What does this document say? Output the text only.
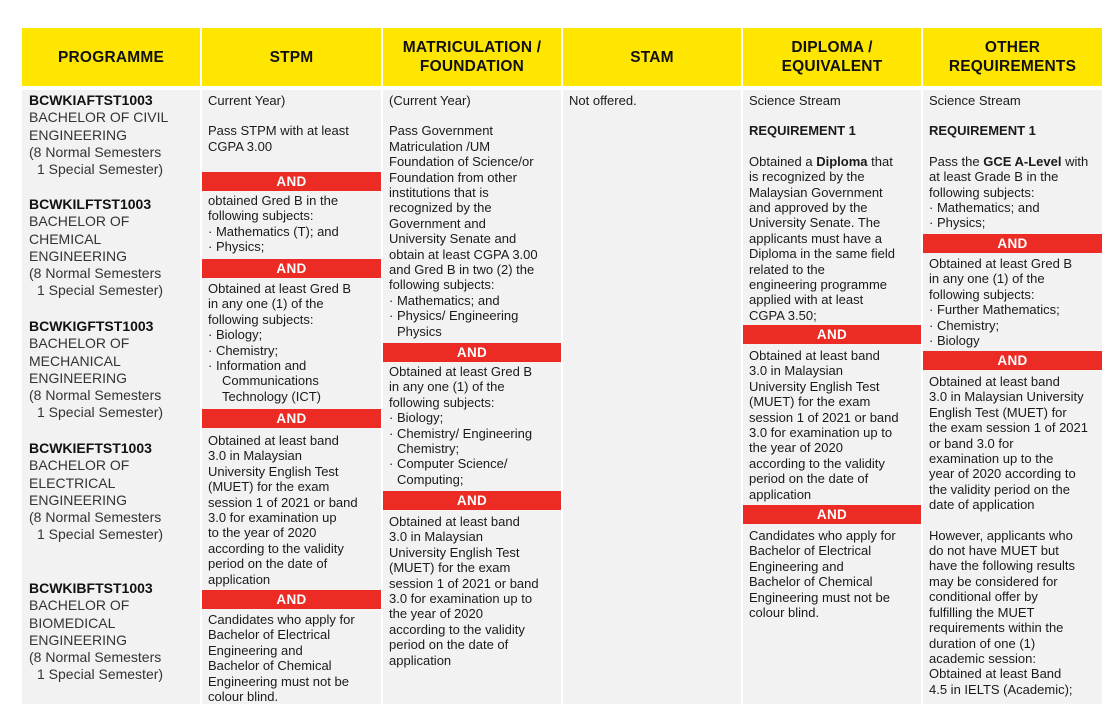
PROGRAMME
BCWKIAFTST1003
BACHELOR OF CIVIL
ENGINEERING
(8 Normal Semesters
1 Special Semester)
BCWKILFTST1003
BACHELOR OF
CHEMICAL
ENGINEERING
(8 Normal Semesters
1 Special Semester)
BCWKIGFTST1003
BACHELOR OF
MECHANICAL
ENGINEERING
(8 Normal Semesters
1 Special Semester)
BCWKIEFTST1003
BACHELOR OF
ELECTRICAL
ENGINEERING
(8 Normal Semesters
1 Special Semester)
BCWKIBFTST1003
BACHELOR OF
BIOMEDICAL
ENGINEERING
(8 Normal Semesters
1 Special Semester)
STPM

Current Year)

Pass STPM with at least

CGPA 3.00

AND

obtained Gred B in the

following subjects:

· Mathematics (T); and

· Physics;

AND

Obtained at least Gred B

in any one (1) of the

following subjects:

· Biology;

· Chemistry;

· Information and

Communications

Technology (ICT)

AND

Obtained at least band

3.0 in Malaysian

University English Test

(MUET) for the exam

session 1 of 2021 or band

3.0 for examination up

to the year of 2020

according to the validity

period on the date of

application

AND

Candidates who apply for

Bachelor of Electrical

Engineering and

Bachelor of Chemical

Engineering must not be

colour blind.

MATRICULATION /
FOUNDATION

(Current Year)

Pass Government

Matriculation /UM

Foundation of Science/or

Foundation from other

institutions that is

recognized by the

Government and

University Senate and

obtain at least CGPA 3.00

and Gred B in two (2) the

following subjects:

· Mathematics; and

· Physics/ Engineering

Physics

AND

Obtained at least Gred B

in any one (1) of the

following subjects:

· Biology;

· Chemistry/ Engineering

Chemistry;

· Computer Science/

Computing;

AND

Obtained at least band

3.0 in Malaysian

University English Test

(MUET) for the exam

session 1 of 2021 or band

3.0 for examination up to

the year of 2020

according to the validity

period on the date of

application

STAM

Not offered.

DIPLOMA /
EQUIVALENT

Science Stream

REQUIREMENT 1

Obtained a Diploma that

is recognized by the

Malaysian Government

and approved by the

University Senate. The

applicants must have a

Diploma in the same field

related to the

engineering programme

applied with at least

CGPA 3.50;

AND

Obtained at least band

3.0 in Malaysian

University English Test

(MUET) for the exam

session 1 of 2021 or band

3.0 for examination up to

the year of 2020

according to the validity

period on the date of

application

AND

Candidates who apply for

Bachelor of Electrical

Engineering and

Bachelor of Chemical

Engineering must not be

colour blind.

OTHER
REQUIREMENTS

Science Stream

REQUIREMENT 1

Pass the GCE A-Level with

at least Grade B in the

following subjects:

· Mathematics; and

· Physics;

AND

Obtained at least Gred B

in any one (1) of the

following subjects:

· Further Mathematics;

· Chemistry;

· Biology

AND

Obtained at least band

3.0 in Malaysian University

English Test (MUET) for

the exam session 1 of 2021

or band 3.0 for

examination up to the

year of 2020 according to

the validity period on the

date of application

However, applicants who

do not have MUET but

have the following results

may be considered for

conditional offer by

fulfilling the MUET

requirements within the

duration of one (1)

academic session:

Obtained at least Band

4.5 in IELTS (Academic);
